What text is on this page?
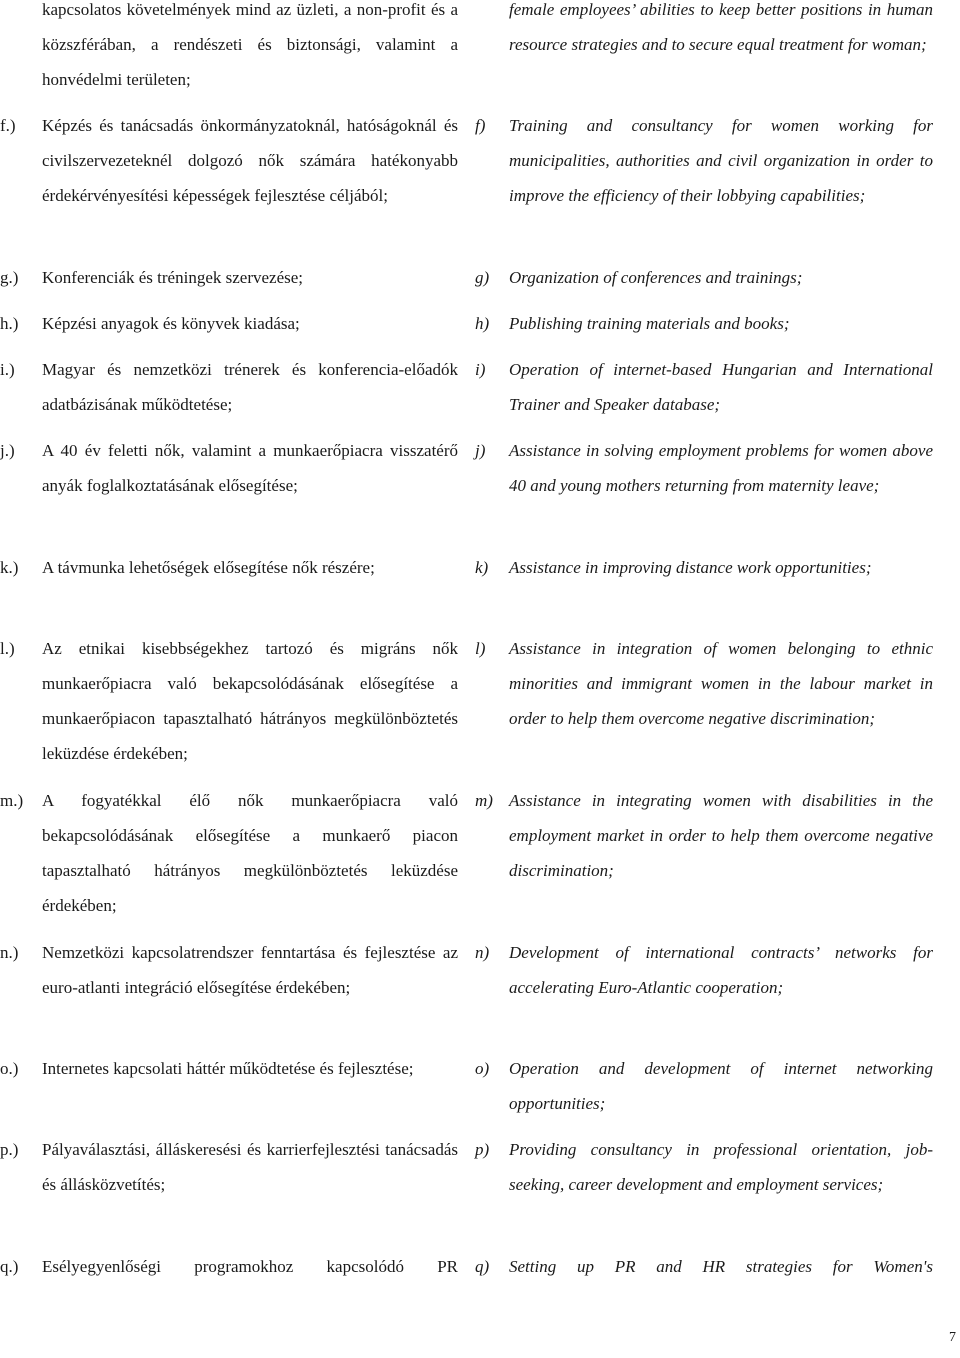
kapcsolatos követelmények mind az üzleti, a non-profit és a közszférában, a rendészeti és biztonsági, valamint a honvédelmi területen;
female employees’ abilities to keep better positions in human resource strategies and to secure equal treatment for woman;
f.)	Képzés és tanácsadás önkormányzatoknál, hatóságoknál és civilszervezeteknél dolgozó nők számára hatékonyabb érdekérvényesítési képességek fejlesztése céljából;
f)	Training and consultancy for women working for municipalities, authorities and civil organization in order to improve the efficiency of their lobbying capabilities;
g.)	Konferenciák és tréningek szervezése;	g)	Organization of conferences and trainings;
h.)	Képzési anyagok és könyvek kiadása;	h)	Publishing training materials and books;
i.)	Magyar és nemzetközi trénerek és konferencia-előadók adatbázisának működtetése;
i)	Operation of internet-based Hungarian and International Trainer and Speaker database;
j.)	A 40 év feletti nők, valamint a munkaerőpiacra visszatérő anyák foglalkoztatásának elősegítése;
j)	Assistance in solving employment problems for women above 40 and young mothers returning from maternity leave;
k.)	A távmunka lehetőségek elősegítése nők részére;	k)	Assistance in improving distance work opportunities;
l.)	Az etnikai kisebbségekhez tartozó és migráns nők munkaerőpiacra való bekapcsolódásának elősegítése a munkaerőpiacon tapasztalható hátrányos megkülönböztetés leküzdése érdekében;
l)	Assistance in integration of women belonging to ethnic minorities and immigrant women in the labour market in order to help them overcome negative discrimination;
m.)	A fogyatékkal élő nők munkaerőpiacra való bekapcsolódásának elősegítése a munkaerő piacon tapasztalható hátrányos megkülönböztetés leküzdése érdekében;
m) Assistance in integrating women with disabilities in the employment market in order to help them overcome negative discrimination;
n.)	Nemzetközi kapcsolatrendszer fenntartása és fejlesztése az euro-atlanti integráció elősegítése érdekében;
n)	Development of international contracts’ networks for accelerating Euro-Atlantic cooperation;
o.)	Internetes kapcsolati háttér működtetése és fejlesztése;	o)	Operation and development of internet networking opportunities;
p.)	Pályaválasztási, álláskeresési és karrierfejlesztési tanácsadás és állásközvetítés;
p)	Providing consultancy in professional orientation, job-seeking, career development and employment services;
q.)	Esélyegyenlőségi programokhoz kapcsolódó PR q)	Setting up PR and HR strategies for Women's
7
